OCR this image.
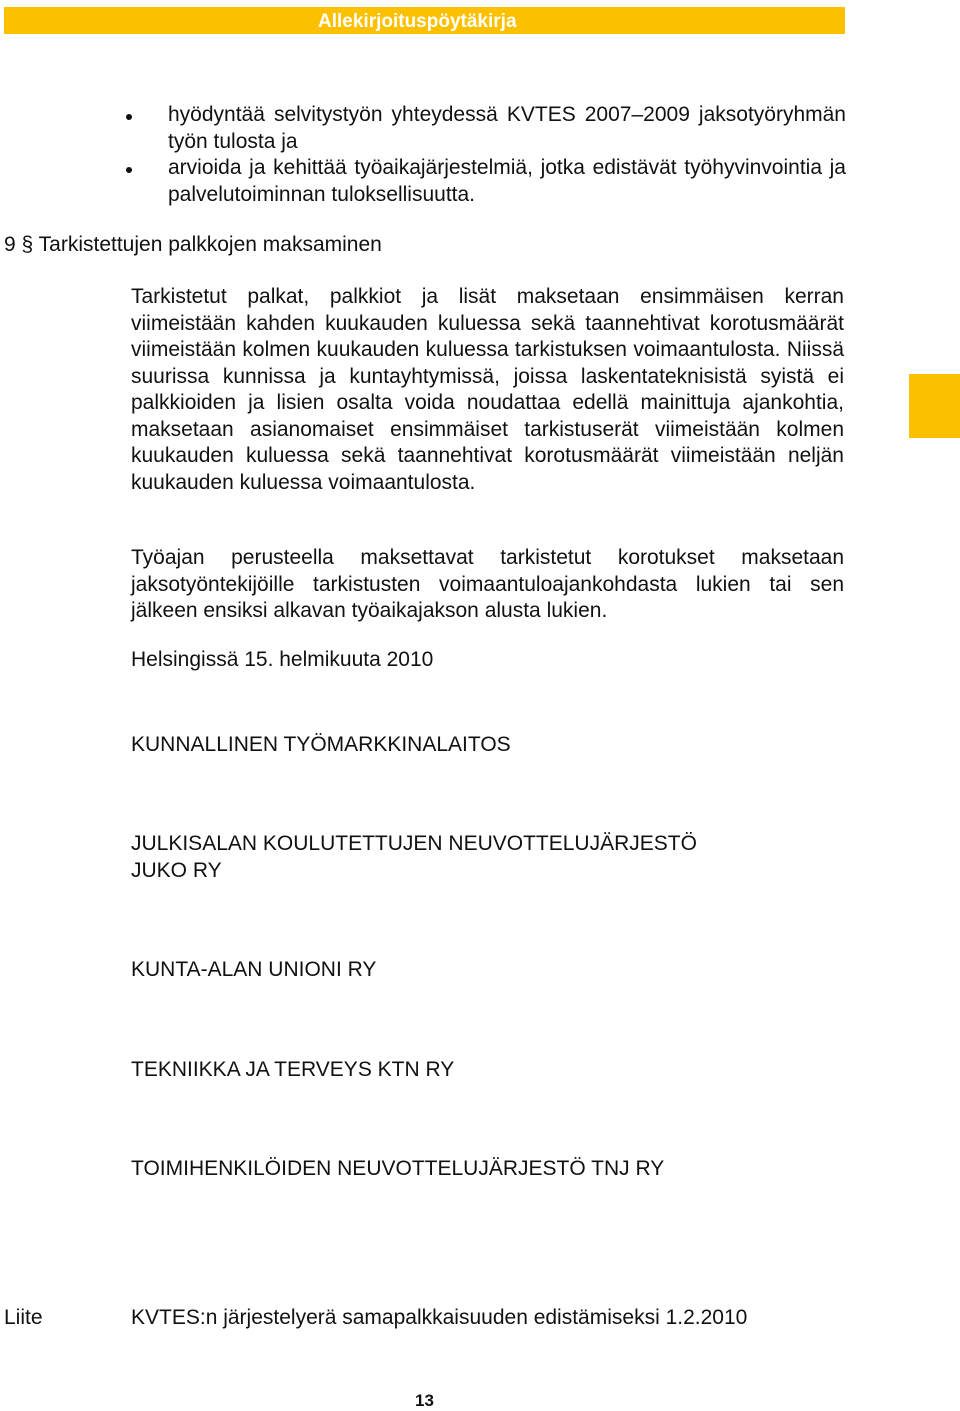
Allekirjoituspöytäkirja
hyödyntää selvitystyön yhteydessä KVTES 2007–2009 jaksotyöryhmän työn tulosta ja
arvioida ja kehittää työaikajärjestelmiä, jotka edistävät työhyvinvointia ja palvelutoiminnan tuloksellisuutta.
9 § Tarkistettujen palkkojen maksaminen
Tarkistetut palkat, palkkiot ja lisät maksetaan ensimmäisen kerran viimeistään kahden kuukauden kuluessa sekä taannehtivat korotusmäärät viimeistään kolmen kuukauden kuluessa tarkistuksen voimaantulosta. Niissä suurissa kunnissa ja kuntayhtymissä, joissa laskentateknisistä syistä ei palkkioiden ja lisien osalta voida noudattaa edellä mainittuja ajankohtia, maksetaan asianomaiset ensimmäiset tarkistuserät viimeistään kolmen kuukauden kuluessa sekä taannehtivat korotusmäärät viimeistään neljän kuukauden kuluessa voimaantulosta.
Työajan perusteella maksettavat tarkistetut korotukset maksetaan jaksotyöntekijöille tarkistusten voimaantuloajankohdasta lukien tai sen jälkeen ensiksi alkavan työaikajakson alusta lukien.
Helsingissä 15. helmikuuta 2010
KUNNALLINEN TYÖMARKKINALAITOS
JULKISALAN KOULUTETTUJEN NEUVOTTELUJÄRJESTÖ
JUKO RY
KUNTA-ALAN UNIONI RY
TEKNIIKKA JA TERVEYS KTN RY
TOIMIHENKILÖIDEN NEUVOTTELUJÄRJESTÖ TNJ RY
Liite	KVTES:n järjestelyerä samapalkkaisuuden edistämiseksi 1.2.2010
13
